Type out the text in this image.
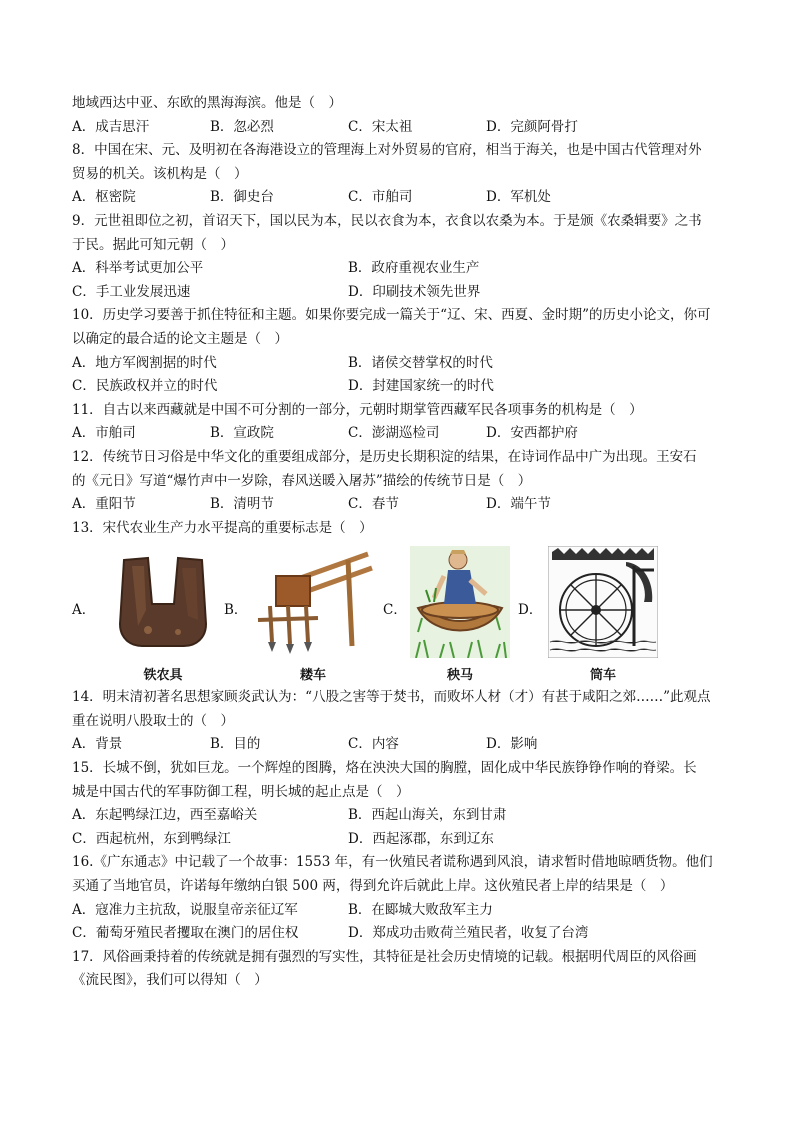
地域西达中亚、东欧的黑海海滨。他是（　）
A．成吉思汗	B．忽必烈	C．宋太祖	D．完颜阿骨打
8．中国在宋、元、及明初在各海港设立的管理海上对外贸易的官府，相当于海关，也是中国古代管理对外
贸易的机关。该机构是（　）
A．枢密院	B．御史台	C．市舶司	D．军机处
9．元世祖即位之初，首诏天下，国以民为本，民以衣食为本，衣食以农桑为本。于是颁《农桑辑要》之书
于民。据此可知元朝（　）
A．科举考试更加公平	B．政府重视农业生产
C．手工业发展迅速	D．印刷技术领先世界
10．历史学习要善于抓住特征和主题。如果你要完成一篇关于“辽、宋、西夏、金时期”的历史小论文，你可
以确定的最合适的论文主题是（　）
A．地方军阀割据的时代	B．诸侯交替掌权的时代
C．民族政权并立的时代	D．封建国家统一的时代
11．自古以来西藏就是中国不可分割的一部分，元朝时期掌管西藏军民各项事务的机构是（　）
A．市舶司	B．宣政院	C．澎湖巡检司	D．安西都护府
12．传统节日习俗是中华文化的重要组成部分，是历史长期积淀的结果，在诗词作品中广为出现。王安石
的《元日》写道“爆竹声中一岁除，春风送暖入屠苏”描绘的传统节日是（　）
A．重阳节	B．清明节	C．春节	D．端午节
13．宋代农业生产力水平提高的重要标志是（　）
A．
铁农具
B．
耧车
C．
秧马
D．
筒车
14．明末清初著名思想家顾炎武认为：“八股之害等于焚书，而败坏人材（才）有甚于咸阳之郊……”此观点
重在说明八股取士的（　）
A．背景	B．目的	C．内容	D．影响
15．长城不倒，犹如巨龙。一个辉煌的图腾，烙在泱泱大国的胸膛，固化成中华民族铮铮作响的脊梁。长
城是中国古代的军事防御工程，明长城的起止点是（　）
A．东起鸭绿江边，西至嘉峪关	B．西起山海关，东到甘肃
C．西起杭州，东到鸭绿江	D．西起涿郡，东到辽东
16.《广东通志》中记载了一个故事：1553 年，有一伙殖民者谎称遇到风浪，请求暂时借地晾晒货物。他们
买通了当地官员，许诺每年缴纳白银 500 两，得到允许后就此上岸。这伙殖民者上岸的结果是（　）
A．寇准力主抗敌，说服皇帝亲征辽军	B．在郾城大败敌军主力
C．葡萄牙殖民者攫取在澳门的居住权	D．郑成功击败荷兰殖民者，收复了台湾
17．风俗画秉持着的传统就是拥有强烈的写实性，其特征是社会历史情境的记载。根据明代周臣的风俗画
《流民图》，我们可以得知（　）
